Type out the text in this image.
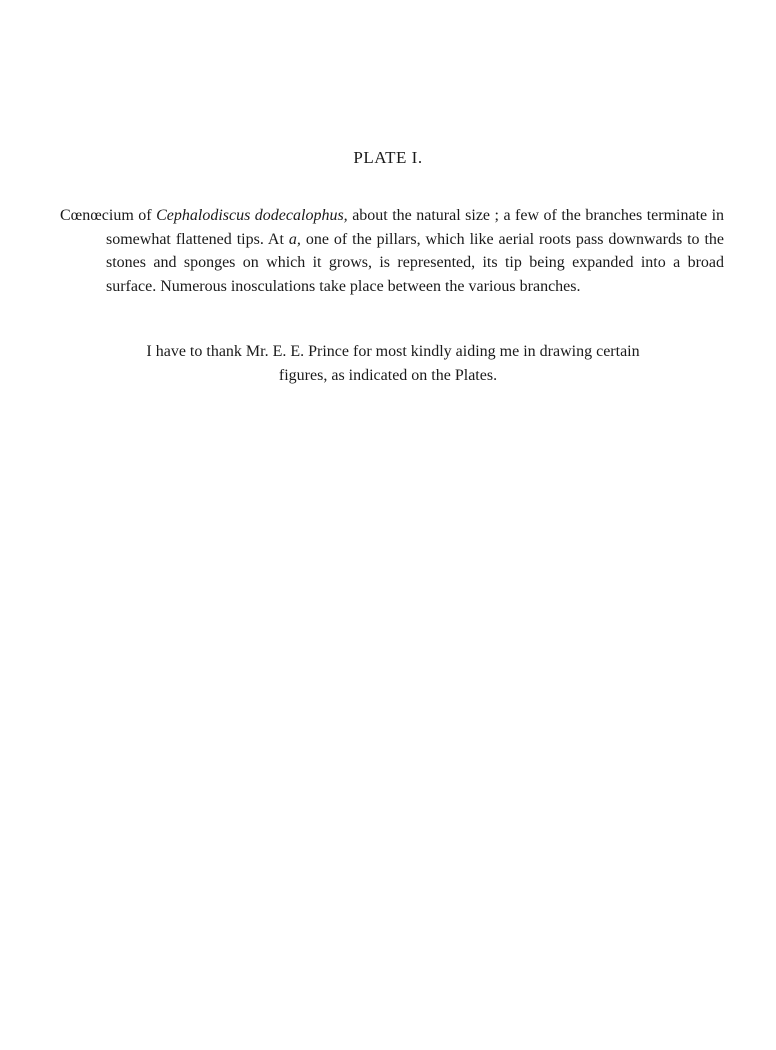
PLATE I.

Cœnœcium of Cephalodiscus dodecalophus, about the natural size ; a few of the branches terminate in somewhat flattened tips. At a, one of the pillars, which like aerial roots pass downwards to the stones and sponges on which it grows, is represented, its tip being expanded into a broad surface. Numerous inosculations take place between the various branches.

I have to thank Mr. E. E. Prince for most kindly aiding me in drawing certain
figures, as indicated on the Plates.
